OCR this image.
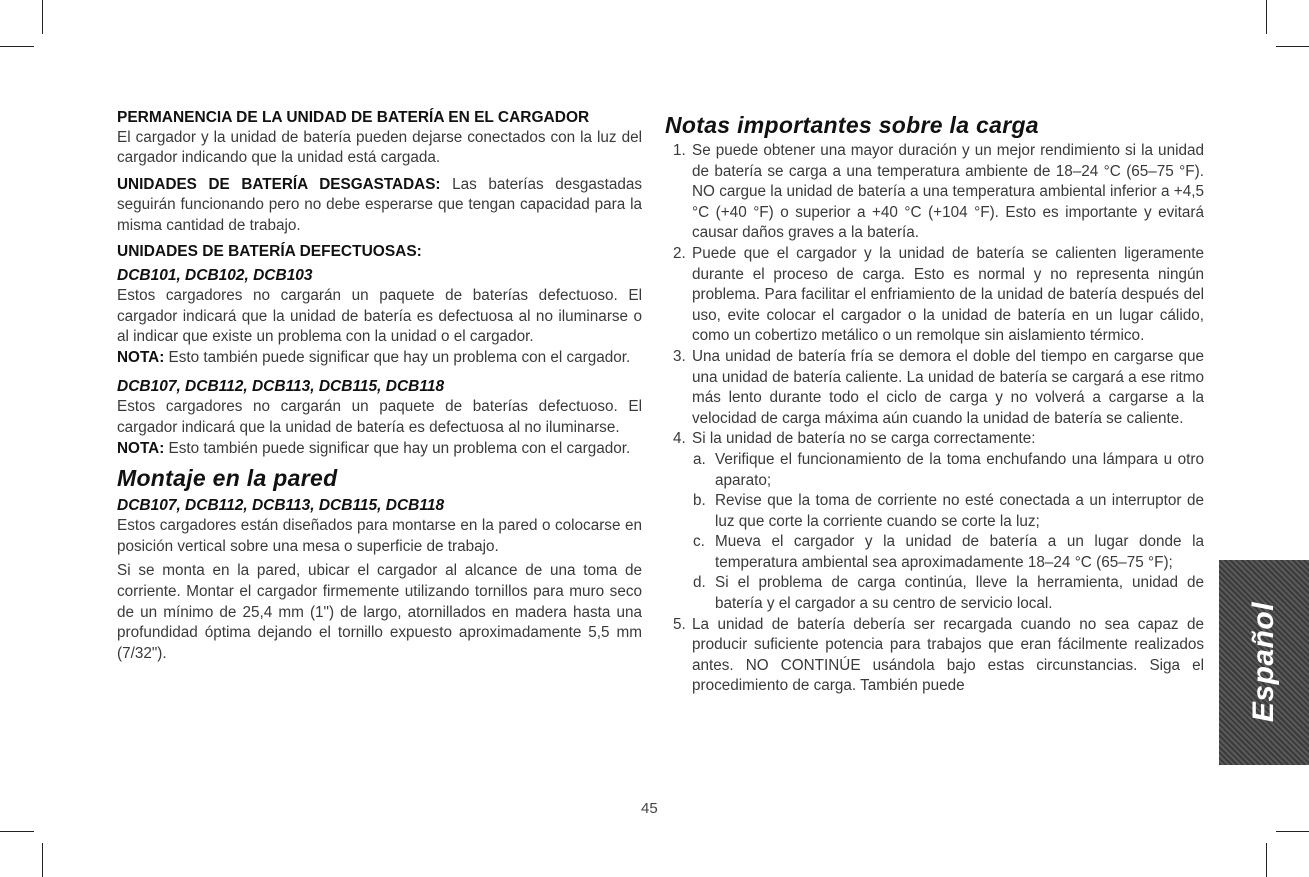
PERMANENCIA DE LA UNIDAD DE BATERÍA EN EL CARGADOR

El cargador y la unidad de batería pueden dejarse conectados con la luz del cargador indicando que la unidad está cargada.

UNIDADES DE BATERÍA DESGASTADAS: Las baterías desgastadas seguirán funcionando pero no debe esperarse que tengan capacidad para la misma cantidad de trabajo.

UNIDADES DE BATERÍA DEFECTUOSAS:
DCB101, DCB102, DCB103

Estos cargadores no cargarán un paquete de baterías defectuoso. El cargador indicará que la unidad de batería es defectuosa al no iluminarse o al indicar que existe un problema con la unidad o el cargador.

NOTA: Esto también puede significar que hay un problema con el cargador.

DCB107, DCB112, DCB113, DCB115, DCB118

Estos cargadores no cargarán un paquete de baterías defectuoso. El cargador indicará que la unidad de batería es defectuosa al no iluminarse.

NOTA: Esto también puede significar que hay un problema con el cargador.

Montaje en la pared
DCB107, DCB112, DCB113, DCB115, DCB118

Estos cargadores están diseñados para montarse en la pared o colocarse en posición vertical sobre una mesa o superficie de trabajo.

Si se monta en la pared, ubicar el cargador al alcance de una toma de corriente. Montar el cargador firmemente utilizando tornillos para muro seco de un mínimo de 25,4 mm (1") de largo, atornillados en madera hasta una profundidad óptima dejando el tornillo expuesto aproximadamente 5,5 mm (7/32").

Notas importantes sobre la carga
1. Se puede obtener una mayor duración y un mejor rendimiento si la unidad de batería se carga a una temperatura ambiente de 18–24 °C (65–75 °F). NO cargue la unidad de batería a una temperatura ambiental inferior a +4,5 °C (+40 °F) o superior a +40 °C (+104 °F). Esto es importante y evitará causar daños graves a la batería.
2. Puede que el cargador y la unidad de batería se calienten ligeramente durante el proceso de carga. Esto es normal y no representa ningún problema. Para facilitar el enfriamiento de la unidad de batería después del uso, evite colocar el cargador o la unidad de batería en un lugar cálido, como un cobertizo metálico o un remolque sin aislamiento térmico.
3. Una unidad de batería fría se demora el doble del tiempo en cargarse que una unidad de batería caliente. La unidad de batería se cargará a ese ritmo más lento durante todo el ciclo de carga y no volverá a cargarse a la velocidad de carga máxima aún cuando la unidad de batería se caliente.
4. Si la unidad de batería no se carga correctamente:
a. Verifique el funcionamiento de la toma enchufando una lámpara u otro aparato;
b. Revise que la toma de corriente no esté conectada a un interruptor de luz que corte la corriente cuando se corte la luz;
c. Mueva el cargador y la unidad de batería a un lugar donde la temperatura ambiental sea aproximadamente 18–24 °C (65–75 °F);
d. Si el problema de carga continúa, lleve la herramienta, unidad de batería y el cargador a su centro de servicio local.
5. La unidad de batería debería ser recargada cuando no sea capaz de producir suficiente potencia para trabajos que eran fácilmente realizados antes. NO CONTINÚE usándola bajo estas circunstancias. Siga el procedimiento de carga. También puede
45
Español
